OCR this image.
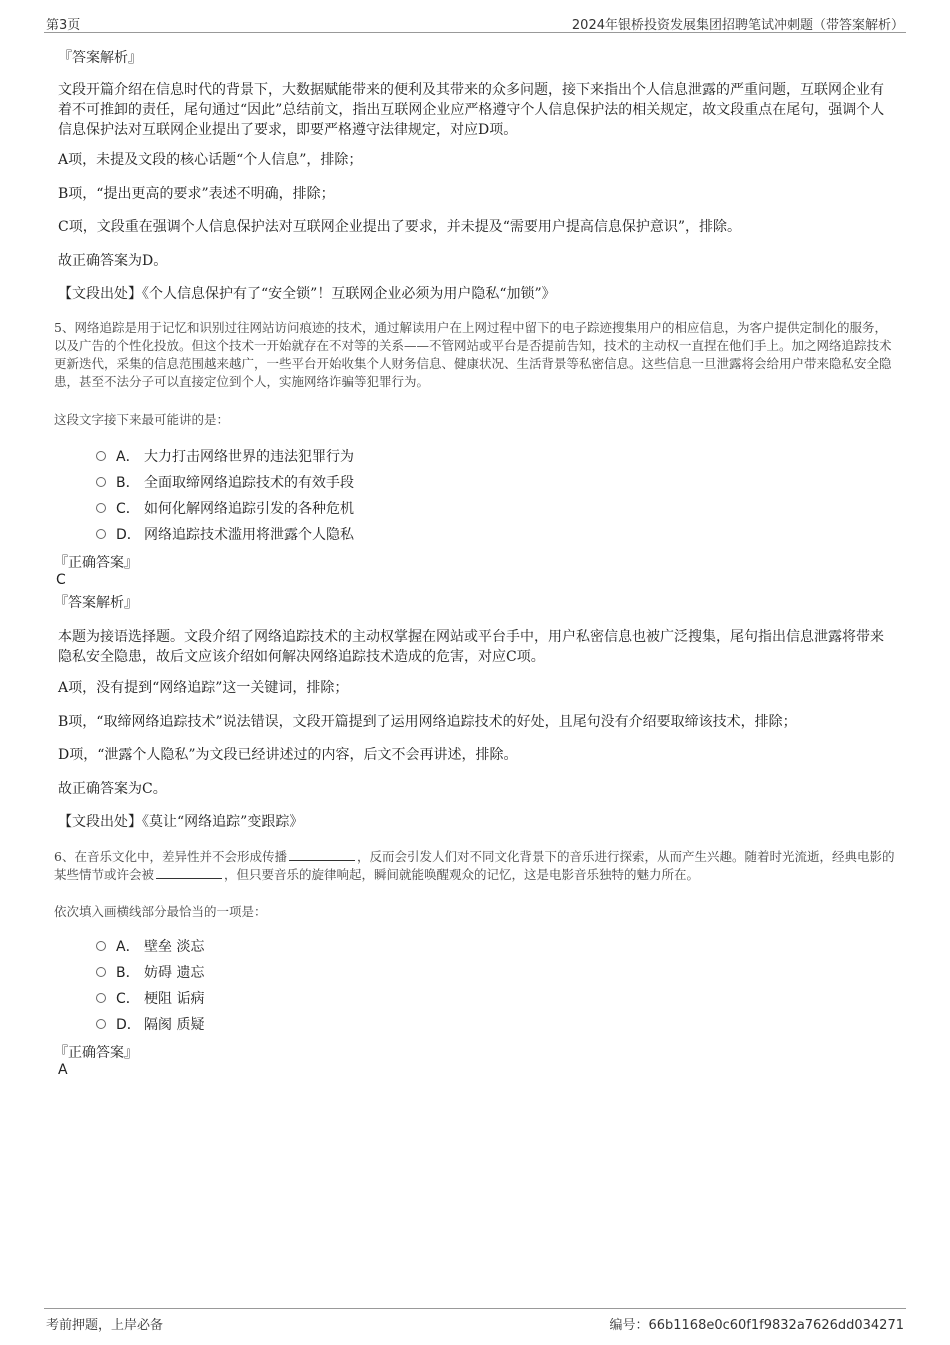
第3页	2024年银桥投资发展集团招聘笔试冲刺题（带答案解析）
『答案解析』
文段开篇介绍在信息时代的背景下，大数据赋能带来的便利及其带来的众多问题，接下来指出个人信息泄露的严重问题，互联网企业有着不可推卸的责任，尾句通过“因此”总结前文，指出互联网企业应严格遵守个人信息保护法的相关规定，故文段重点在尾句，强调个人信息保护法对互联网企业提出了要求，即要严格遵守法律规定，对应D项。
A项，未提及文段的核心话题“个人信息”，排除；
B项，“提出更高的要求”表述不明确，排除；
C项，文段重在强调个人信息保护法对互联网企业提出了要求，并未提及“需要用户提高信息保护意识”，排除。
故正确答案为D。
【文段出处】《个人信息保护有了“安全锁”！互联网企业必须为用户隐私“加锁”》
5、网络追踪是用于记忆和识别过往网站访问痕迹的技术，通过解读用户在上网过程中留下的电子踪迹搜集用户的相应信息，为客户提供定制化的服务，以及广告的个性化投放。但这个技术一开始就存在不对等的关系——不管网站或平台是否提前告知，技术的主动权一直捏在他们手上。加之网络追踪技术更新迭代，采集的信息范围越来越广，一些平台开始收集个人财务信息、健康状况、生活背景等私密信息。这些信息一旦泄露将会给用户带来隐私安全隐患，甚至不法分子可以直接定位到个人，实施网络诈骗等犯罪行为。
这段文字接下来最可能讲的是：
A． 大力打击网络世界的违法犯罪行为
B． 全面取缔网络追踪技术的有效手段
C． 如何化解网络追踪引发的各种危机
D． 网络追踪技术滥用将泄露个人隐私
『正确答案』
C
『答案解析』
本题为接语选择题。文段介绍了网络追踪技术的主动权掌握在网站或平台手中，用户私密信息也被广泛搜集，尾句指出信息泄露将带来隐私安全隐患，故后文应该介绍如何解决网络追踪技术造成的危害，对应C项。
A项，没有提到“网络追踪”这一关键词，排除；
B项，“取缔网络追踪技术”说法错误，文段开篇提到了运用网络追踪技术的好处，且尾句没有介绍要取缔该技术，排除；
D项，“泄露个人隐私”为文段已经讲述过的内容，后文不会再讲述，排除。
故正确答案为C。
【文段出处】《莫让“网络追踪”变跟踪》
6、在音乐文化中，差异性并不会形成传播	，反而会引发人们对不同文化背景下的音乐进行探索，从而产生兴趣。随着时光流逝，经典电影的某些情节或许会被	，但只要音乐的旋律响起，瞬间就能唤醒观众的记忆，这是电影音乐独特的魅力所在。
依次填入画横线部分最恰当的一项是：
A． 壁垒 淡忘
B． 妨碍 遗忘
C． 梗阻 诟病
D． 隔阂 质疑
『正确答案』
A
考前押题，上岸必备	编号：66b1168e0c60f1f9832a7626dd034271
